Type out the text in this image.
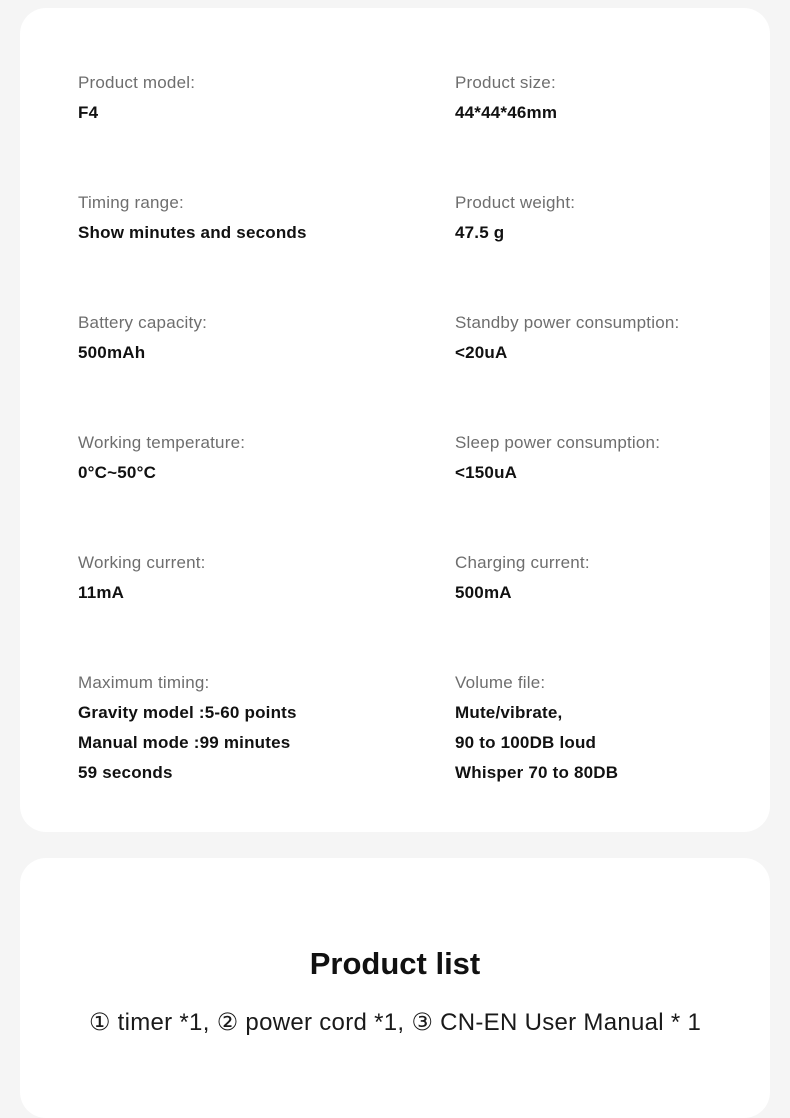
Product model:
F4
Product size:
44*44*46mm
Timing range:
Show minutes and seconds
Product weight:
47.5 g
Battery capacity:
500mAh
Standby power consumption:
<20uA
Working temperature:
0°C~50°C
Sleep power consumption:
<150uA
Working current:
11mA
Charging current:
500mA
Maximum timing:
Gravity model :5-60 points
Manual mode :99 minutes
59 seconds
Volume file:
Mute/vibrate,
90 to 100DB loud
Whisper 70 to 80DB
Product list
① timer *1, ② power cord *1, ③ CN-EN User Manual * 1
